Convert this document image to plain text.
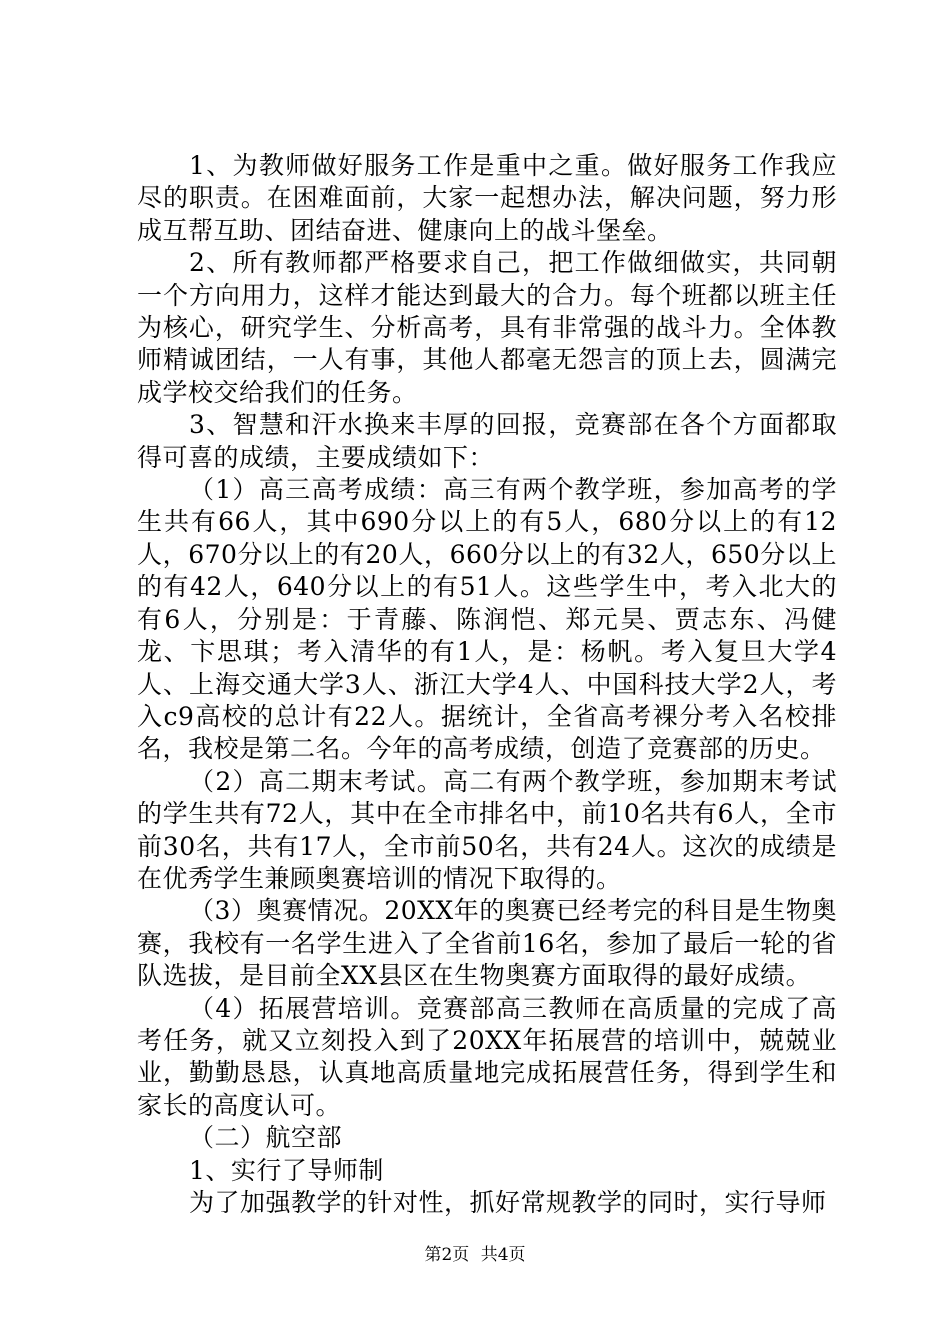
1、为教师做好服务工作是重中之重。做好服务工作我应尽的职责。在困难面前，大家一起想办法，解决问题，努力形成互帮互助、团结奋进、健康向上的战斗堡垒。

2、所有教师都严格要求自己，把工作做细做实，共同朝一个方向用力，这样才能达到最大的合力。每个班都以班主任为核心，研究学生、分析高考，具有非常强的战斗力。全体教师精诚团结，一人有事，其他人都毫无怨言的顶上去，圆满完成学校交给我们的任务。

3、智慧和汗水换来丰厚的回报，竞赛部在各个方面都取得可喜的成绩，主要成绩如下：

（1）高三高考成绩：高三有两个教学班，参加高考的学生共有66人，其中690分以上的有5人，680分以上的有12人，670分以上的有20人，660分以上的有32人，650分以上的有42人，640分以上的有51人。这些学生中，考入北大的有6人，分别是：于青藤、陈润恺、郑元昊、贾志东、冯健龙、卞思琪；考入清华的有1人，是：杨帆。考入复旦大学4人、上海交通大学3人、浙江大学4人、中国科技大学2人，考入c9高校的总计有22人。据统计，全省高考裸分考入名校排名，我校是第二名。今年的高考成绩，创造了竞赛部的历史。

（2）高二期末考试。高二有两个教学班，参加期末考试的学生共有72人，其中在全市排名中，前10名共有6人，全市前30名，共有17人，全市前50名，共有24人。这次的成绩是在优秀学生兼顾奥赛培训的情况下取得的。

（3）奥赛情况。20XX年的奥赛已经考完的科目是生物奥赛，我校有一名学生进入了全省前16名，参加了最后一轮的省队选拔，是目前全XX县区在生物奥赛方面取得的最好成绩。

（4）拓展营培训。竞赛部高三教师在高质量的完成了高考任务，就又立刻投入到了20XX年拓展营的培训中，兢兢业业，勤勤恳恳，认真地高质量地完成拓展营任务，得到学生和家长的高度认可。

（二）航空部

1、实行了导师制

为了加强教学的针对性，抓好常规教学的同时，实行导师

第2页 共4页
